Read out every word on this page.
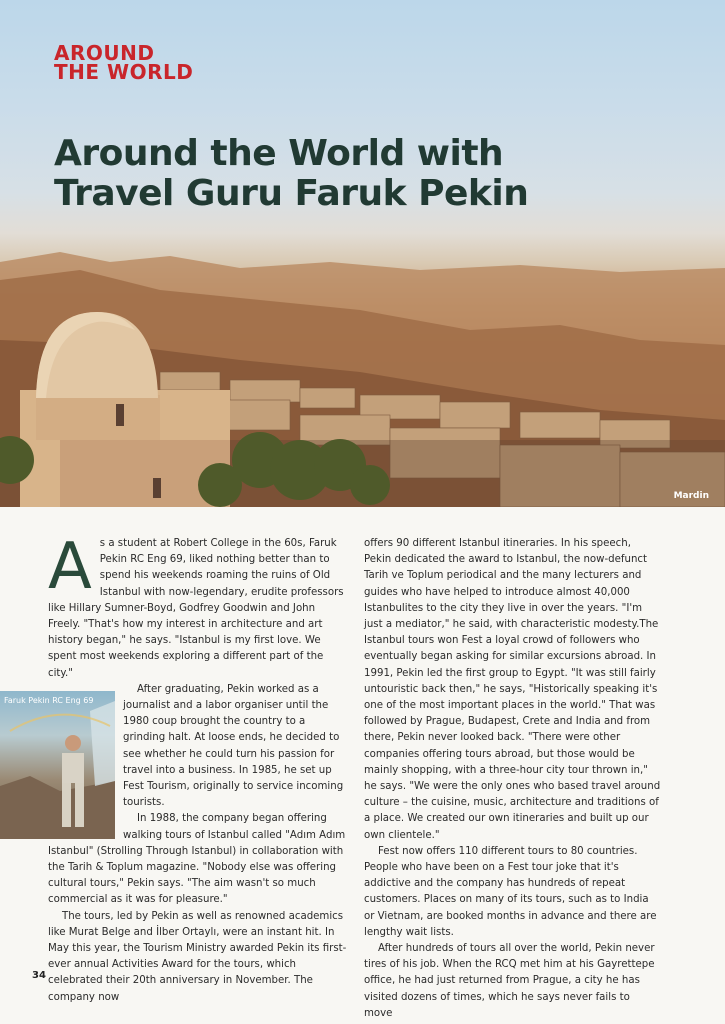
AROUND
THE WORLD
Around the World with
Travel Guru Faruk Pekin
Mardin

As a student at Robert College in the 60s, Faruk Pekin RC Eng 69, liked nothing better than to spend his weekends roaming the ruins of Old Istanbul with now-legendary, erudite professors like Hillary Sumner-Boyd, Godfrey Goodwin and John Freely. "That's how my interest in architecture and art history began," he says. "Istanbul is my first love. We spent most weekends exploring a different part of the city."

Faruk Pekin RC Eng 69

After graduating, Pekin worked as a journalist and a labor organiser until the 1980 coup brought the country to a grinding halt. At loose ends, he decided to see whether he could turn his passion for travel into a business. In 1985, he set up Fest Tourism, originally to service incoming tourists.

In 1988, the company began offering walking tours of Istanbul called "Adım Adım Istanbul" (Strolling Through Istanbul) in collaboration with the Tarih & Toplum magazine. "Nobody else was offering cultural tours," Pekin says. "The aim wasn't so much commercial as it was for pleasure."

The tours, led by Pekin as well as renowned academics like Murat Belge and İlber Ortaylı, were an instant hit. In May this year, the Tourism Ministry awarded Pekin its first-ever annual Activities Award for the tours, which celebrated their 20th anniversary in November. The company now

offers 90 different Istanbul itineraries. In his speech, Pekin dedicated the award to Istanbul, the now-defunct Tarih ve Toplum periodical and the many lecturers and guides who have helped to introduce almost 40,000 Istanbulites to the city they live in over the years. "I'm just a mediator," he said, with characteristic modesty.The Istanbul tours won Fest a loyal crowd of followers who eventually began asking for similar excursions abroad. In 1991, Pekin led the first group to Egypt. "It was still fairly untouristic back then," he says, "Historically speaking it's one of the most important places in the world." That was followed by Prague, Budapest, Crete and India and from there, Pekin never looked back. "There were other companies offering tours abroad, but those would be mainly shopping, with a three-hour city tour thrown in," he says. "We were the only ones who based travel around culture – the cuisine, music, architecture and traditions of a place. We created our own itineraries and built up our own clientele."

Fest now offers 110 different tours to 80 countries. People who have been on a Fest tour joke that it's addictive and the company has hundreds of repeat customers. Places on many of its tours, such as to India or Vietnam, are booked months in advance and there are lengthy wait lists.

After hundreds of tours all over the world, Pekin never tires of his job. When the RCQ met him at his Gayrettepe office, he had just returned from Prague, a city he has visited dozens of times, which he says never fails to move

34
